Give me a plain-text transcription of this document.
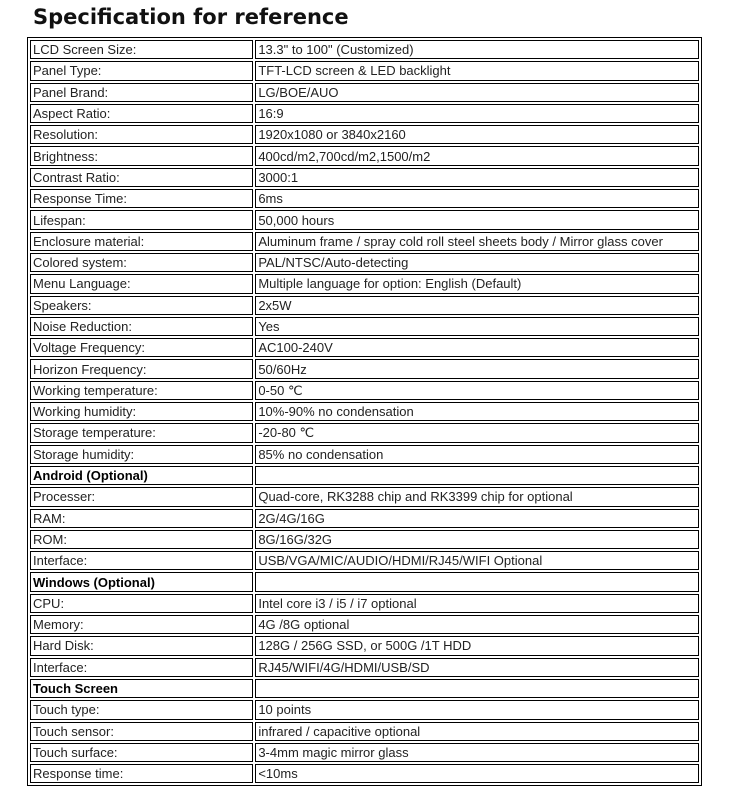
Specification for reference
LCD Screen Size:	13.3" to 100" (Customized)
Panel Type:	TFT-LCD screen & LED backlight
Panel Brand:	LG/BOE/AUO
Aspect Ratio:	16:9
Resolution:	1920x1080 or 3840x2160
Brightness:	400cd/m2,700cd/m2,1500/m2
Contrast Ratio:	3000:1
Response Time:	6ms
Lifespan:	50,000 hours
Enclosure material:	Aluminum frame / spray cold roll steel sheets body / Mirror glass cover
Colored system:	PAL/NTSC/Auto-detecting
Menu Language:	Multiple language for option: English (Default)
Speakers:	2x5W
Noise Reduction:	Yes
Voltage Frequency:	AC100-240V
Horizon Frequency:	50/60Hz
Working temperature:	0-50 ℃
Working humidity:	10%-90% no condensation
Storage temperature:	-20-80 ℃
Storage humidity:	85% no condensation
Android (Optional)	
Processer:	Quad-core, RK3288 chip and RK3399 chip for optional
RAM:	2G/4G/16G
ROM:	8G/16G/32G
Interface:	USB/VGA/MIC/AUDIO/HDMI/RJ45/WIFI Optional
Windows (Optional)	
CPU:	Intel core i3 / i5 / i7 optional
Memory:	4G /8G optional
Hard Disk:	128G / 256G SSD, or 500G /1T HDD
Interface:	RJ45/WIFI/4G/HDMI/USB/SD
Touch Screen	
Touch type:	10 points
Touch sensor:	infrared / capacitive optional
Touch surface:	3-4mm magic mirror glass
Response time:	<10ms
